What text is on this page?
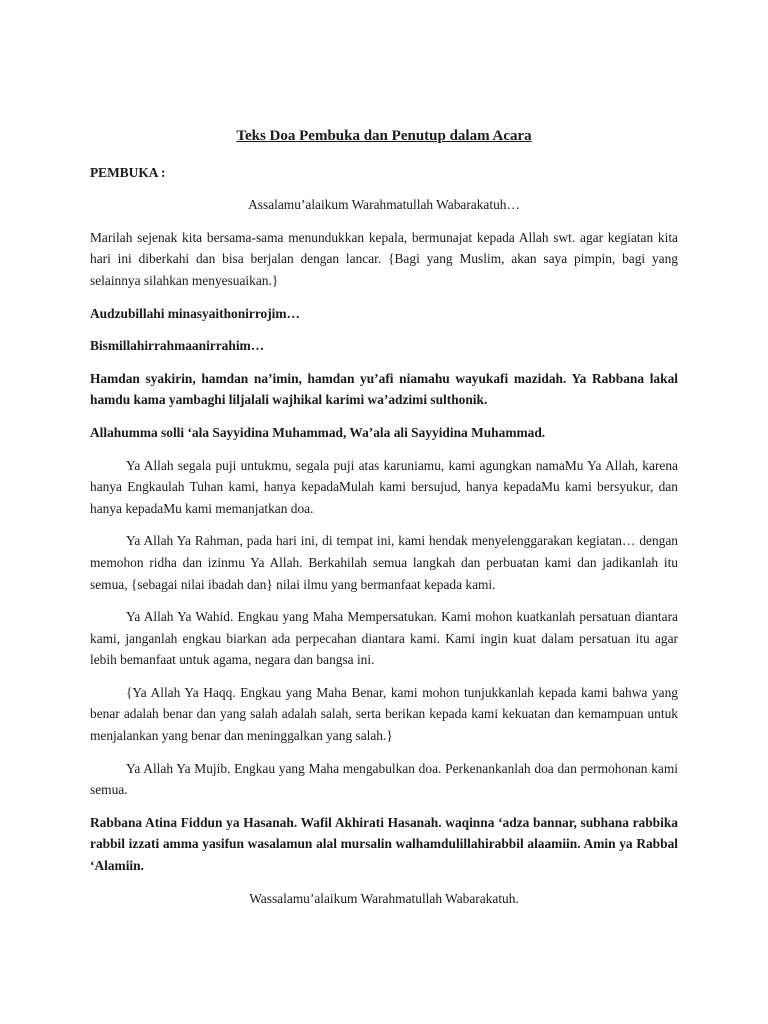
Teks Doa Pembuka dan Penutup dalam Acara
PEMBUKA :
Assalamu’alaikum Warahmatullah Wabarakatuh…
Marilah sejenak kita bersama-sama menundukkan kepala, bermunajat kepada Allah swt. agar kegiatan kita hari ini diberkahi dan bisa berjalan dengan lancar. {Bagi yang Muslim, akan saya pimpin, bagi yang selainnya silahkan menyesuaikan.}
Audzubillahi minasyaithonirrojim…
Bismillahirrahmaanirrahim…
Hamdan syakirin, hamdan na’imin, hamdan yu’afi niamahu wayukafi mazidah. Ya Rabbana lakal hamdu kama yambaghi liljalali wajhikal karimi wa’adzimi sulthonik.
Allahumma solli ‘ala Sayyidina Muhammad, Wa’ala ali Sayyidina Muhammad.
Ya Allah segala puji untukmu, segala puji atas karuniamu, kami agungkan namaMu Ya Allah, karena hanya Engkaulah Tuhan kami, hanya kepadaMulah kami bersujud, hanya kepadaMu kami bersyukur, dan hanya kepadaMu kami memanjatkan doa.
Ya Allah Ya Rahman, pada hari ini, di tempat ini, kami hendak menyelenggarakan kegiatan… dengan memohon ridha dan izinmu Ya Allah. Berkahilah semua langkah dan perbuatan kami dan jadikanlah itu semua, {sebagai nilai ibadah dan} nilai ilmu yang bermanfaat kepada kami.
Ya Allah Ya Wahid. Engkau yang Maha Mempersatukan. Kami mohon kuatkanlah persatuan diantara kami, janganlah engkau biarkan ada perpecahan diantara kami. Kami ingin kuat dalam persatuan itu agar lebih bemanfaat untuk agama, negara dan bangsa ini.
{Ya Allah Ya Haqq. Engkau yang Maha Benar, kami mohon tunjukkanlah kepada kami bahwa yang benar adalah benar dan yang salah adalah salah, serta berikan kepada kami kekuatan dan kemampuan untuk menjalankan yang benar dan meninggalkan yang salah.}
Ya Allah Ya Mujib. Engkau yang Maha mengabulkan doa. Perkenankanlah doa dan permohonan kami semua.
Rabbana Atina Fiddun ya Hasanah. Wafil Akhirati Hasanah. waqinna ‘adza bannar, subhana rabbika rabbil izzati amma yasifun wasalamun alal mursalin walhamdulillahirabbil alaamiin. Amin ya Rabbal ‘Alamiin.
Wassalamu’alaikum Warahmatullah Wabarakatuh.
